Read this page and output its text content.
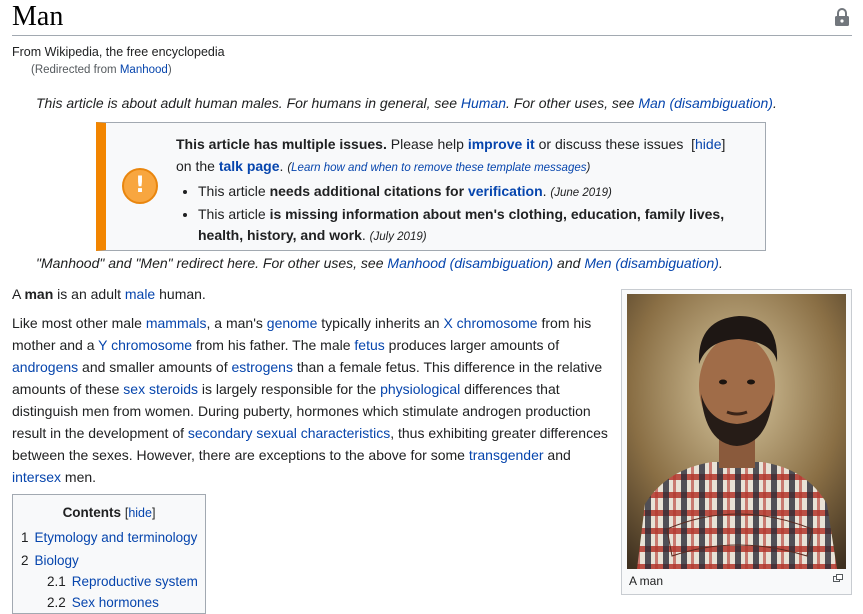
Man
From Wikipedia, the free encyclopedia
(Redirected from Manhood)
This article is about adult human males. For humans in general, see Human. For other uses, see Man (disambiguation).
!
This article has multiple issues. Please help improve it or discuss these issues  [hide]
on the talk page. (Learn how and when to remove these template messages)
• This article needs additional citations for verification. (June 2019)
• This article is missing information about men's clothing, education, family lives, health, history, and work. (July 2019)
"Manhood" and "Men" redirect here. For other uses, see Manhood (disambiguation) and Men (disambiguation).
A man is an adult male human.
Like most other male mammals, a man's genome typically inherits an X chromosome from his mother and a Y chromosome from his father. The male fetus produces larger amounts of androgens and smaller amounts of estrogens than a female fetus. This difference in the relative amounts of these sex steroids is largely responsible for the physiological differences that distinguish men from women. During puberty, hormones which stimulate androgen production result in the development of secondary sexual characteristics, thus exhibiting greater differences between the sexes. However, there are exceptions to the above for some transgender and intersex men.
A man
Contents [hide]
1 Etymology and terminology
2 Biology
2.1 Reproductive system
2.2 Sex hormones
